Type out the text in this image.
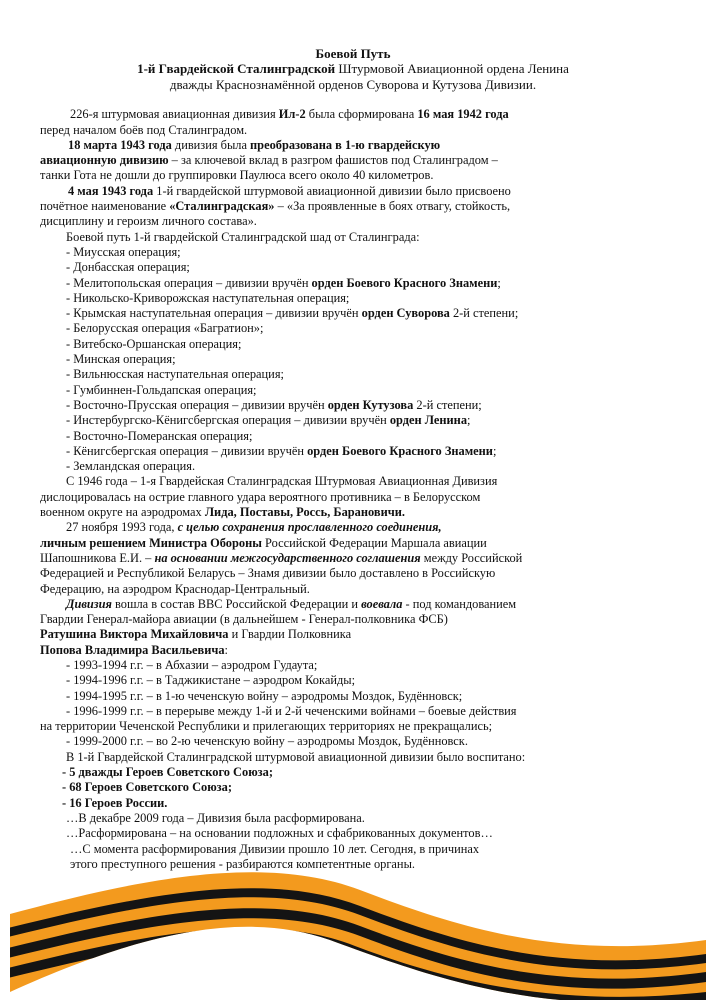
Боевой Путь

1-й Гвардейской Сталинградской Штурмовой Авиационной ордена Ленина

дважды Краснознамённой орденов Суворова и Кутузова Дивизии.

226-я штурмовая авиационная дивизия Ил-2 была сформирована 16 мая 1942 года

перед началом боёв под Сталинградом.

18 марта 1943 года дивизия была преобразована в 1-ю гвардейскую

авиационную дивизию – за ключевой вклад в разгром фашистов под Сталинградом –

танки Гота не дошли до группировки Паулюса всего около 40 километров.

4 мая 1943 года 1-й гвардейской штурмовой авиационной дивизии было присвоено

почётное наименование «Сталинградская» – «За проявленные в боях отвагу, стойкость,

дисциплину и героизм личного состава».

Боевой путь 1-й гвардейской Сталинградской шад от Сталинграда:

- Миусская операция;

- Донбасская операция;

- Мелитопольская операция – дивизии вручён орден Боевого Красного Знамени;

- Никольско-Криворожская наступательная операция;

- Крымская наступательная операция – дивизии вручён орден Суворова 2-й степени;

- Белорусская операция «Багратион»;

- Витебско-Оршанская операция;

- Минская операция;

- Вильнюсская наступательная операция;

- Гумбиннен-Гольдапская операция;

- Восточно-Прусская операция – дивизии вручён орден Кутузова 2-й степени;

- Инстербургско-Кёнигсбергская операция – дивизии вручён орден Ленина;

- Восточно-Померанская операция;

- Кёнигсбергская операция – дивизии вручён орден Боевого Красного Знамени;

- Земландская операция.

С 1946 года – 1-я Гвардейская Сталинградская Штурмовая Авиационная Дивизия

дислоцировалась на острие главного удара вероятного противника – в Белорусском

военном округе на аэродромах Лида, Поставы, Россь, Барановичи.

27 ноября 1993 года, с целью сохранения прославленного соединения,

личным решением Министра Обороны Российской Федерации Маршала авиации

Шапошникова Е.И. – на основании межгосударственного соглашения между Российской

Федерацией и Республикой Беларусь – Знамя дивизии было доставлено в Российскую

Федерацию, на аэродром Краснодар-Центральный.

Дивизия вошла в состав ВВС Российской Федерации и воевала - под командованием

Гвардии Генерал-майора авиации (в дальнейшем - Генерал-полковника ФСБ)

Ратушина Виктора Михайловича и Гвардии Полковника

Попова Владимира Васильевича:

- 1993-1994 г.г. – в Абхазии – аэродром Гудаута;

- 1994-1996 г.г. – в Таджикистане – аэродром Кокайды;

- 1994-1995 г.г. – в 1-ю чеченскую войну – аэродромы Моздок, Будённовск;

- 1996-1999 г.г. – в перерыве между 1-й и 2-й чеченскими войнами – боевые действия

на территории Чеченской Республики и прилегающих территориях не прекращались;

- 1999-2000 г.г. – во 2-ю чеченскую войну – аэродромы Моздок, Будённовск.

В 1-й Гвардейской Сталинградской штурмовой авиационной дивизии было воспитано:

- 5 дважды Героев Советского Союза;

- 68 Героев Советского Союза;

- 16 Героев России.

…В декабре 2009 года – Дивизия была расформирована.

…Расформирована – на основании подложных и сфабрикованных документов…

…С момента расформирования Дивизии прошло 10 лет. Сегодня, в причинах

этого преступного решения - разбираются компетентные органы.
